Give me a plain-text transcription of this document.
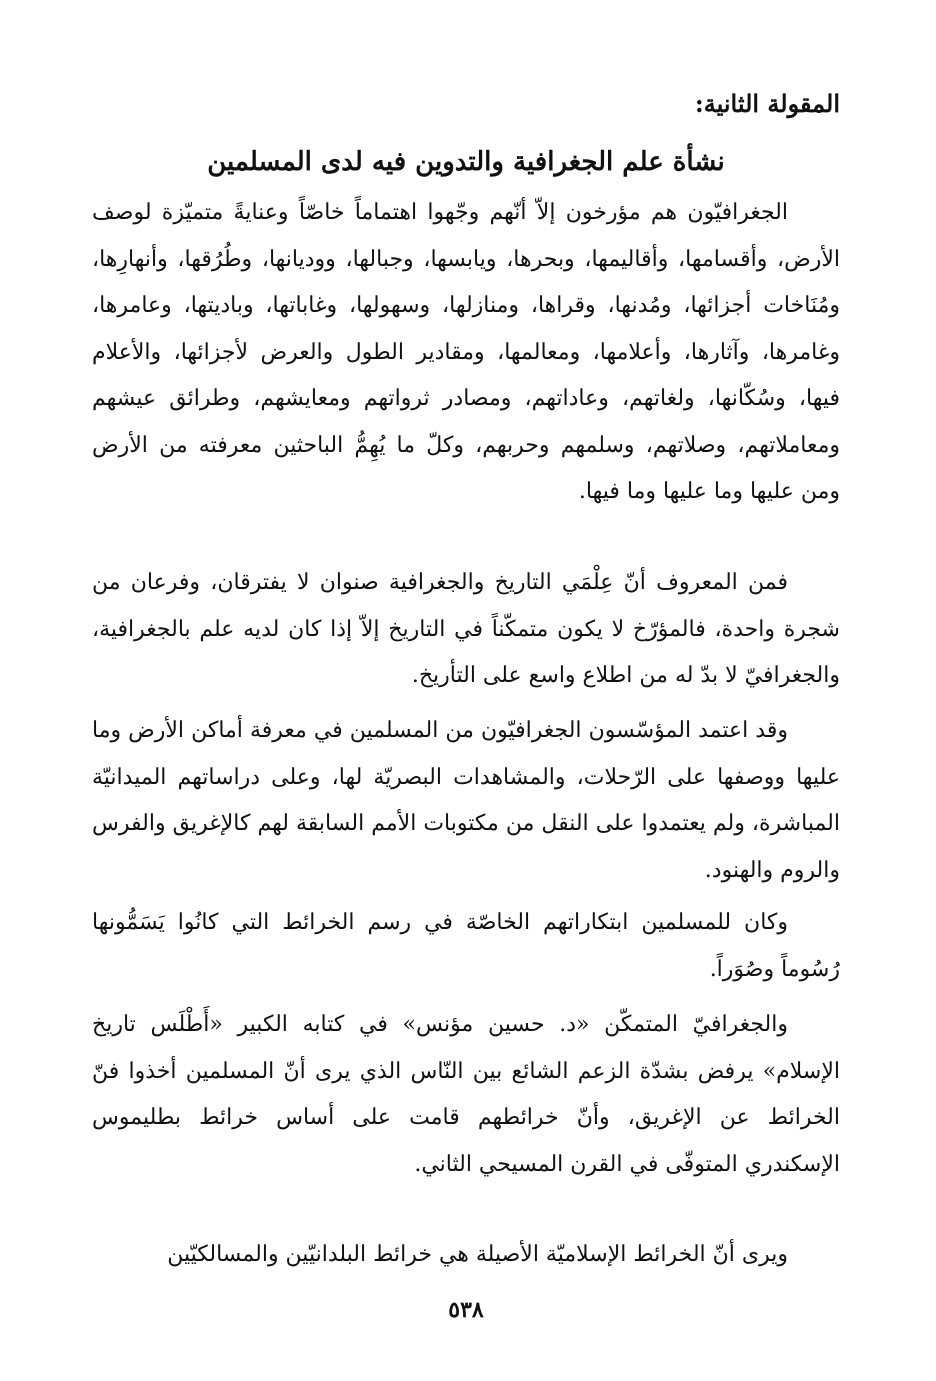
المقولة الثانية:
نشأة علم الجغرافية والتدوين فيه لدى المسلمين

الجغرافيّون هم مؤرخون إلاّ أنّهم وجّهوا اهتماماً خاصّاً وعنايةً متميّزة لوصف الأرض، وأقسامها، وأقاليمها، وبحرها، ويابسها، وجبالها، ووديانها، وطُرُقها، وأنهارِها، ومُنَاخات أجزائها، ومُدنها، وقراها، ومنازلها، وسهولها، وغاباتها، وباديتها، وعامرها، وغامرها، وآثارها، وأعلامها، ومعالمها، ومقادير الطول والعرض لأجزائها، والأعلام فيها، وسُكّانها، ولغاتهم، وعاداتهم، ومصادر ثرواتهم ومعايشهم، وطرائق عيشهم ومعاملاتهم، وصلاتهم، وسلمهم وحربهم، وكلّ ما يُهِمُّ الباحثين معرفته من الأرض ومن عليها وما عليها وما فيها.

فمن المعروف أنّ عِلْمَي التاريخ والجغرافية صنوان لا يفترقان، وفرعان من شجرة واحدة، فالمؤرّخ لا يكون متمكّناً في التاريخ إلاّ إذا كان لديه علم بالجغرافية، والجغرافيّ لا بدّ له من اطلاع واسع على التأريخ.

وقد اعتمد المؤسّسون الجغرافيّون من المسلمين في معرفة أماكن الأرض وما عليها ووصفها على الرّحلات، والمشاهدات البصريّة لها، وعلى دراساتهم الميدانيّة المباشرة، ولم يعتمدوا على النقل من مكتوبات الأمم السابقة لهم كالإغريق والفرس والروم والهنود.

وكان للمسلمين ابتكاراتهم الخاصّة في رسم الخرائط التي كانُوا يَسَمُّونها رُسُوماً وصُوَراً.

والجغرافيّ المتمكّن «د. حسين مؤنس» في كتابه الكبير «أَطْلَس تاريخ الإسلام» يرفض بشدّة الزعم الشائع بين النّاس الذي يرى أنّ المسلمين أخذوا فنّ الخرائط عن الإغريق، وأنّ خرائطهم قامت على أساس خرائط بطليموس الإسكندري المتوفّى في القرن المسيحي الثاني.

ويرى أنّ الخرائط الإسلاميّة الأصيلة هي خرائط البلدانيّين والمسالكيّين

٥٣٨
